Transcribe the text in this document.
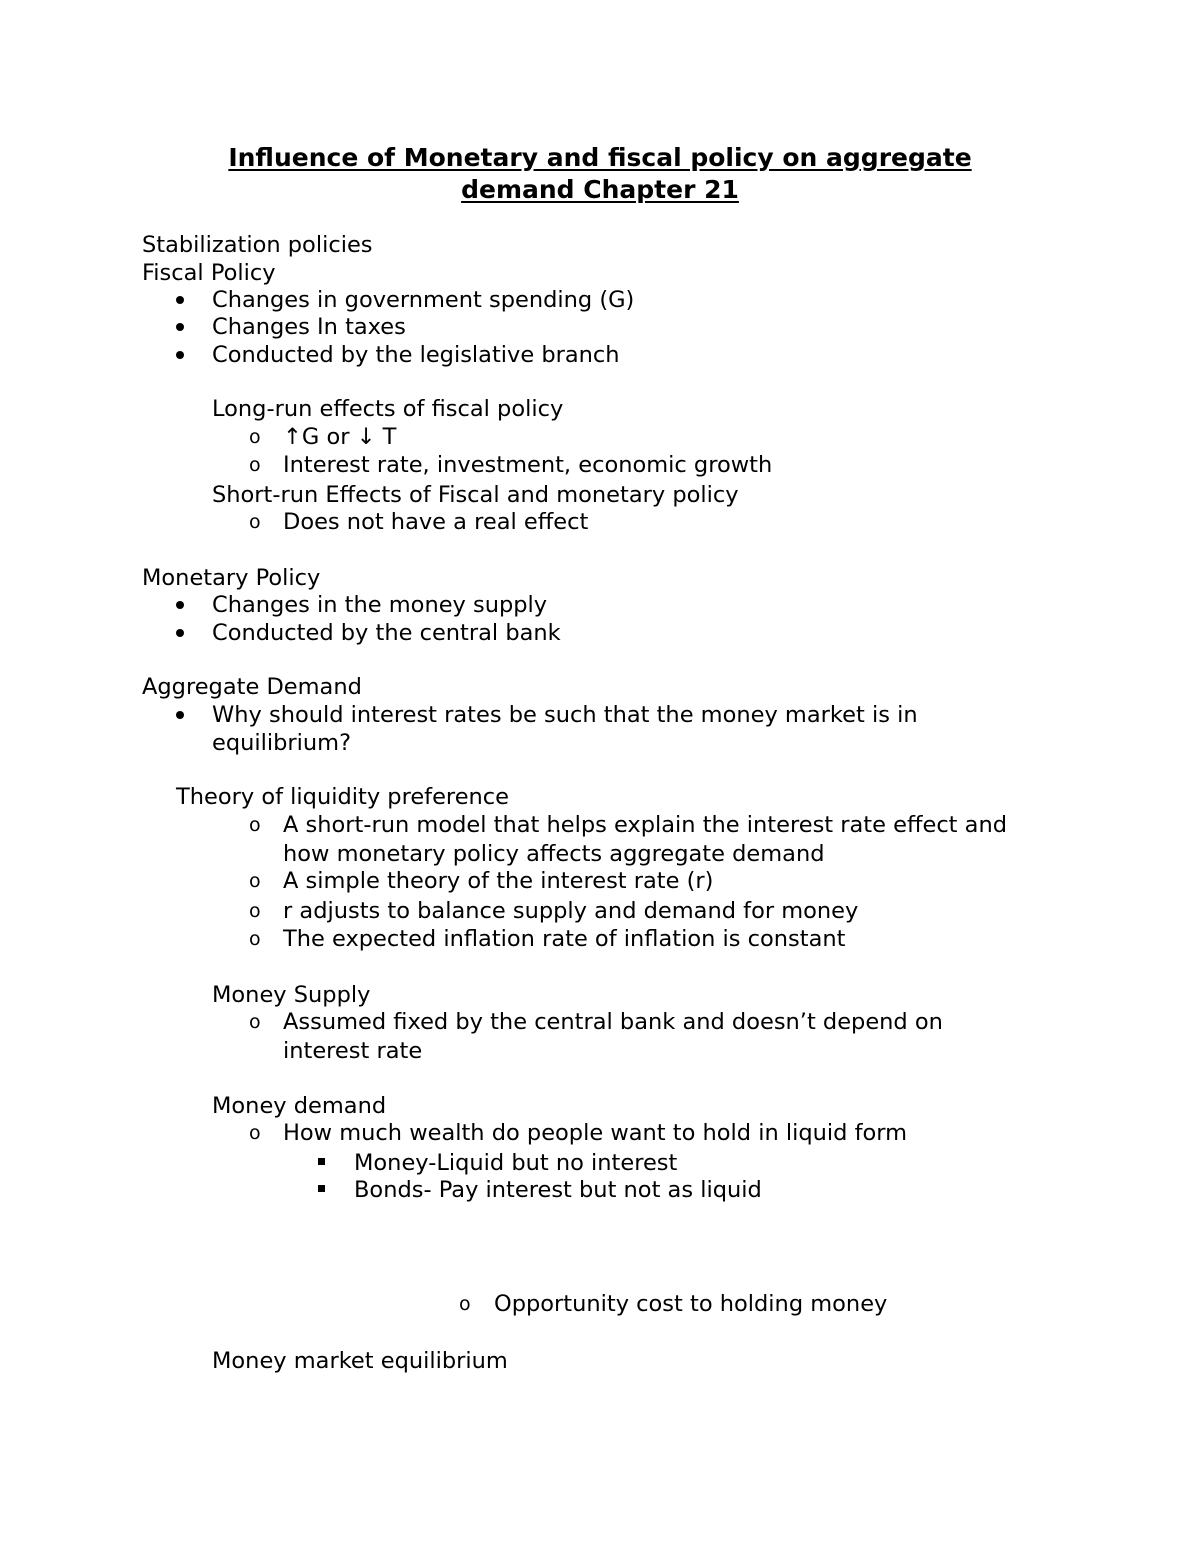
Influence of Monetary and fiscal policy on aggregate
demand Chapter 21
Stabilization policies
Fiscal Policy
Changes in government spending (G)
Changes In taxes
Conducted by the legislative branch
Long-run effects of fiscal policy
o ↑G or ↓ T
o Interest rate, investment, economic growth
Short-run Effects of Fiscal and monetary policy
o Does not have a real effect
Monetary Policy
Changes in the money supply
Conducted by the central bank
Aggregate Demand
Why should interest rates be such that the money market is in
equilibrium?
Theory of liquidity preference
o A short-run model that helps explain the interest rate effect and
how monetary policy affects aggregate demand
o A simple theory of the interest rate (r)
o r adjusts to balance supply and demand for money
o The expected inflation rate of inflation is constant
Money Supply
o Assumed fixed by the central bank and doesn’t depend on
interest rate
Money demand
o How much wealth do people want to hold in liquid form
Money-Liquid but no interest
Bonds- Pay interest but not as liquid
o Opportunity cost to holding money
Money market equilibrium
